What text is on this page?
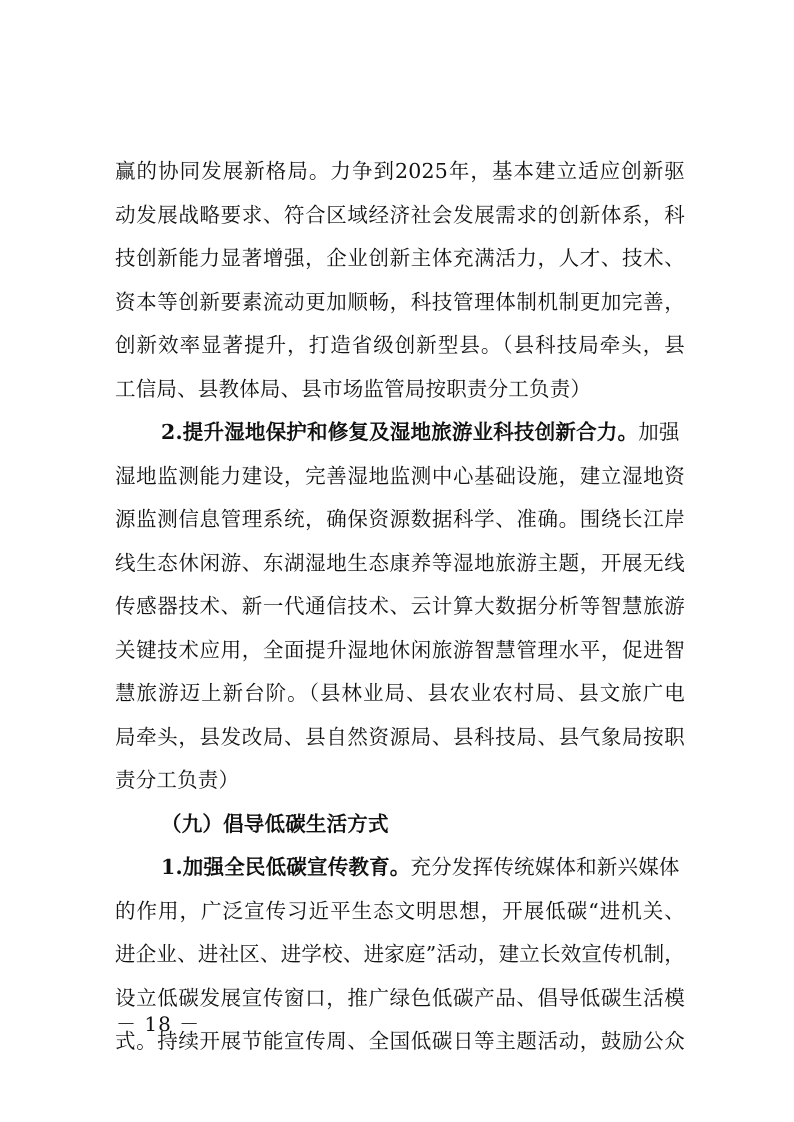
赢的协同发展新格局。力争到2025年，基本建立适应创新驱
动发展战略要求、符合区域经济社会发展需求的创新体系，科
技创新能力显著增强，企业创新主体充满活力，人才、技术、
资本等创新要素流动更加顺畅，科技管理体制机制更加完善，
创新效率显著提升，打造省级创新型县。（县科技局牵头，县
工信局、县教体局、县市场监管局按职责分工负责）
2.提升湿地保护和修复及湿地旅游业科技创新合力。加强
湿地监测能力建设，完善湿地监测中心基础设施，建立湿地资
源监测信息管理系统，确保资源数据科学、准确。围绕长江岸
线生态休闲游、东湖湿地生态康养等湿地旅游主题，开展无线
传感器技术、新一代通信技术、云计算大数据分析等智慧旅游
关键技术应用，全面提升湿地休闲旅游智慧管理水平，促进智
慧旅游迈上新台阶。（县林业局、县农业农村局、县文旅广电
局牵头，县发改局、县自然资源局、县科技局、县气象局按职
责分工负责）
（九）倡导低碳生活方式
1.加强全民低碳宣传教育。充分发挥传统媒体和新兴媒体
的作用，广泛宣传习近平生态文明思想，开展低碳“进机关、
进企业、进社区、进学校、进家庭”活动，建立长效宣传机制，
设立低碳发展宣传窗口，推广绿色低碳产品、倡导低碳生活模
式。持续开展节能宣传周、全国低碳日等主题活动，鼓励公众
－ 18 －
